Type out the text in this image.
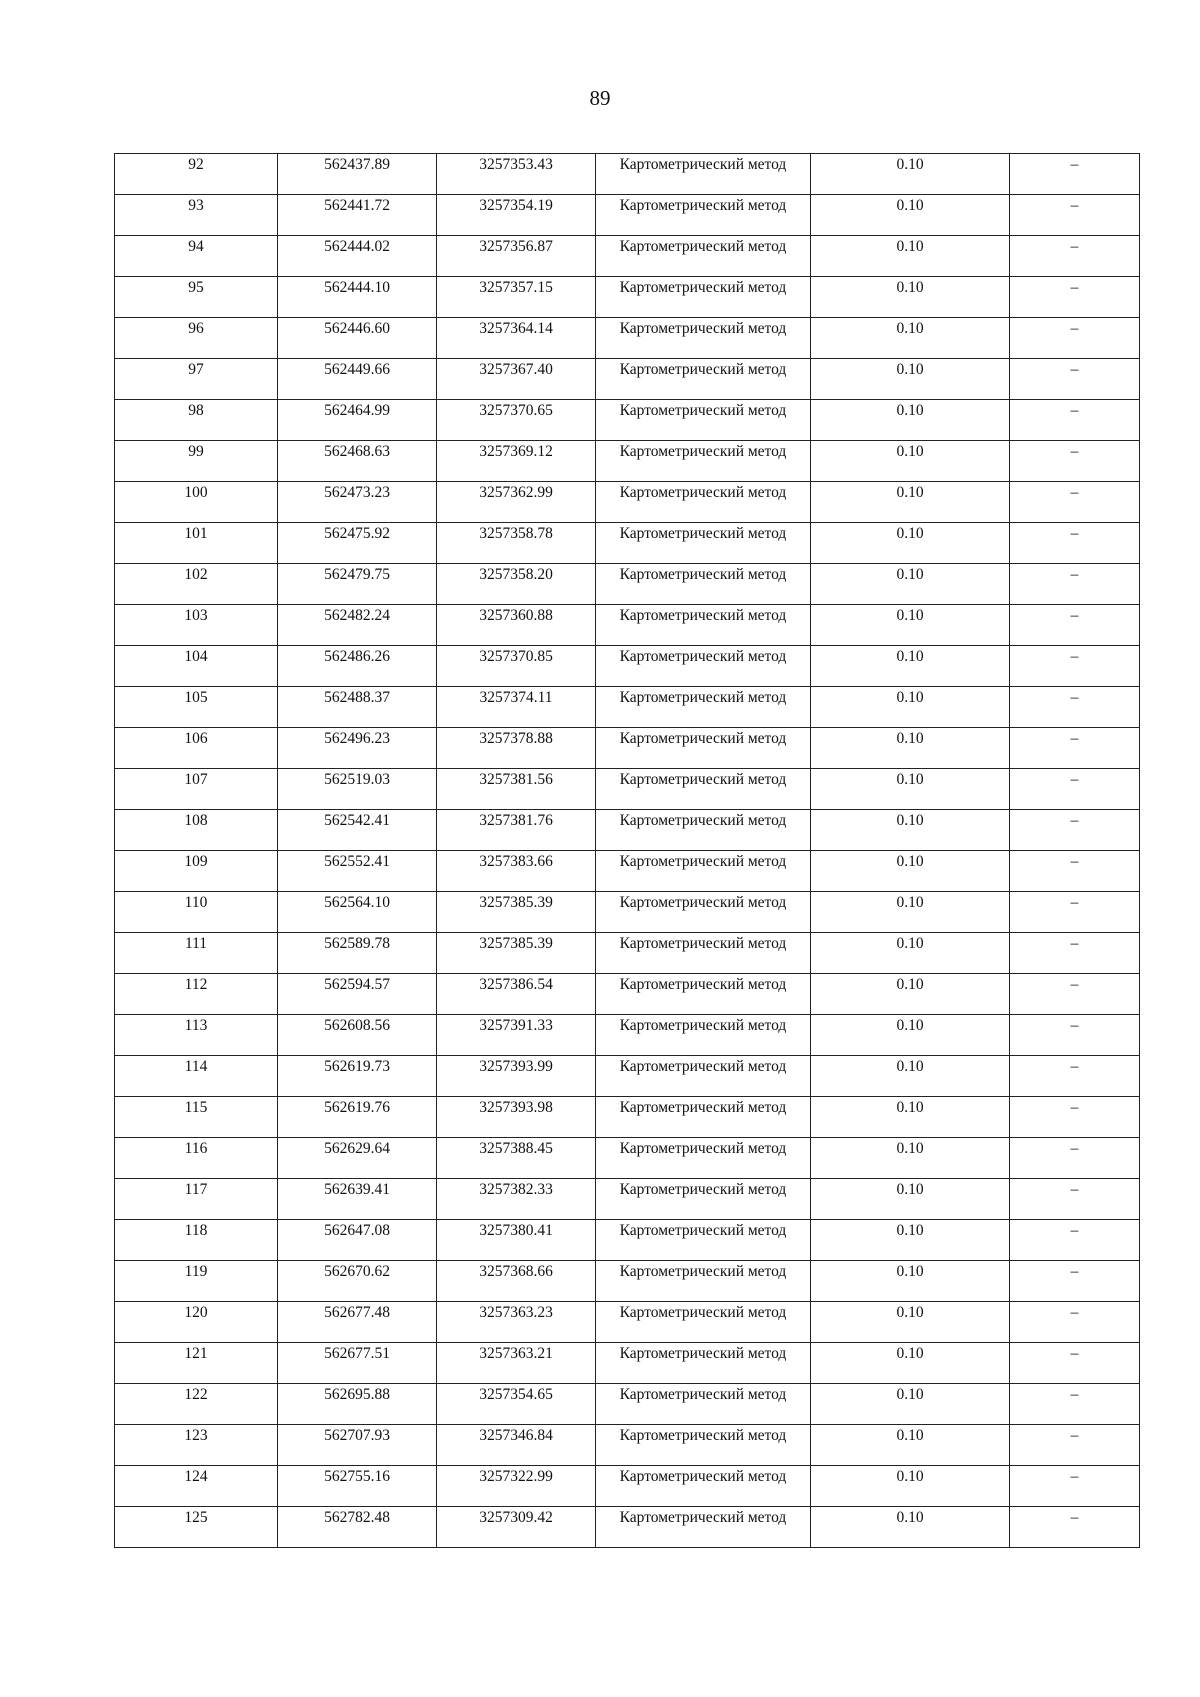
89
92	562437.89	3257353.43	Картометрический метод	0.10	–
93	562441.72	3257354.19	Картометрический метод	0.10	–
94	562444.02	3257356.87	Картометрический метод	0.10	–
95	562444.10	3257357.15	Картометрический метод	0.10	–
96	562446.60	3257364.14	Картометрический метод	0.10	–
97	562449.66	3257367.40	Картометрический метод	0.10	–
98	562464.99	3257370.65	Картометрический метод	0.10	–
99	562468.63	3257369.12	Картометрический метод	0.10	–
100	562473.23	3257362.99	Картометрический метод	0.10	–
101	562475.92	3257358.78	Картометрический метод	0.10	–
102	562479.75	3257358.20	Картометрический метод	0.10	–
103	562482.24	3257360.88	Картометрический метод	0.10	–
104	562486.26	3257370.85	Картометрический метод	0.10	–
105	562488.37	3257374.11	Картометрический метод	0.10	–
106	562496.23	3257378.88	Картометрический метод	0.10	–
107	562519.03	3257381.56	Картометрический метод	0.10	–
108	562542.41	3257381.76	Картометрический метод	0.10	–
109	562552.41	3257383.66	Картометрический метод	0.10	–
110	562564.10	3257385.39	Картометрический метод	0.10	–
111	562589.78	3257385.39	Картометрический метод	0.10	–
112	562594.57	3257386.54	Картометрический метод	0.10	–
113	562608.56	3257391.33	Картометрический метод	0.10	–
114	562619.73	3257393.99	Картометрический метод	0.10	–
115	562619.76	3257393.98	Картометрический метод	0.10	–
116	562629.64	3257388.45	Картометрический метод	0.10	–
117	562639.41	3257382.33	Картометрический метод	0.10	–
118	562647.08	3257380.41	Картометрический метод	0.10	–
119	562670.62	3257368.66	Картометрический метод	0.10	–
120	562677.48	3257363.23	Картометрический метод	0.10	–
121	562677.51	3257363.21	Картометрический метод	0.10	–
122	562695.88	3257354.65	Картометрический метод	0.10	–
123	562707.93	3257346.84	Картометрический метод	0.10	–
124	562755.16	3257322.99	Картометрический метод	0.10	–
125	562782.48	3257309.42	Картометрический метод	0.10	–
